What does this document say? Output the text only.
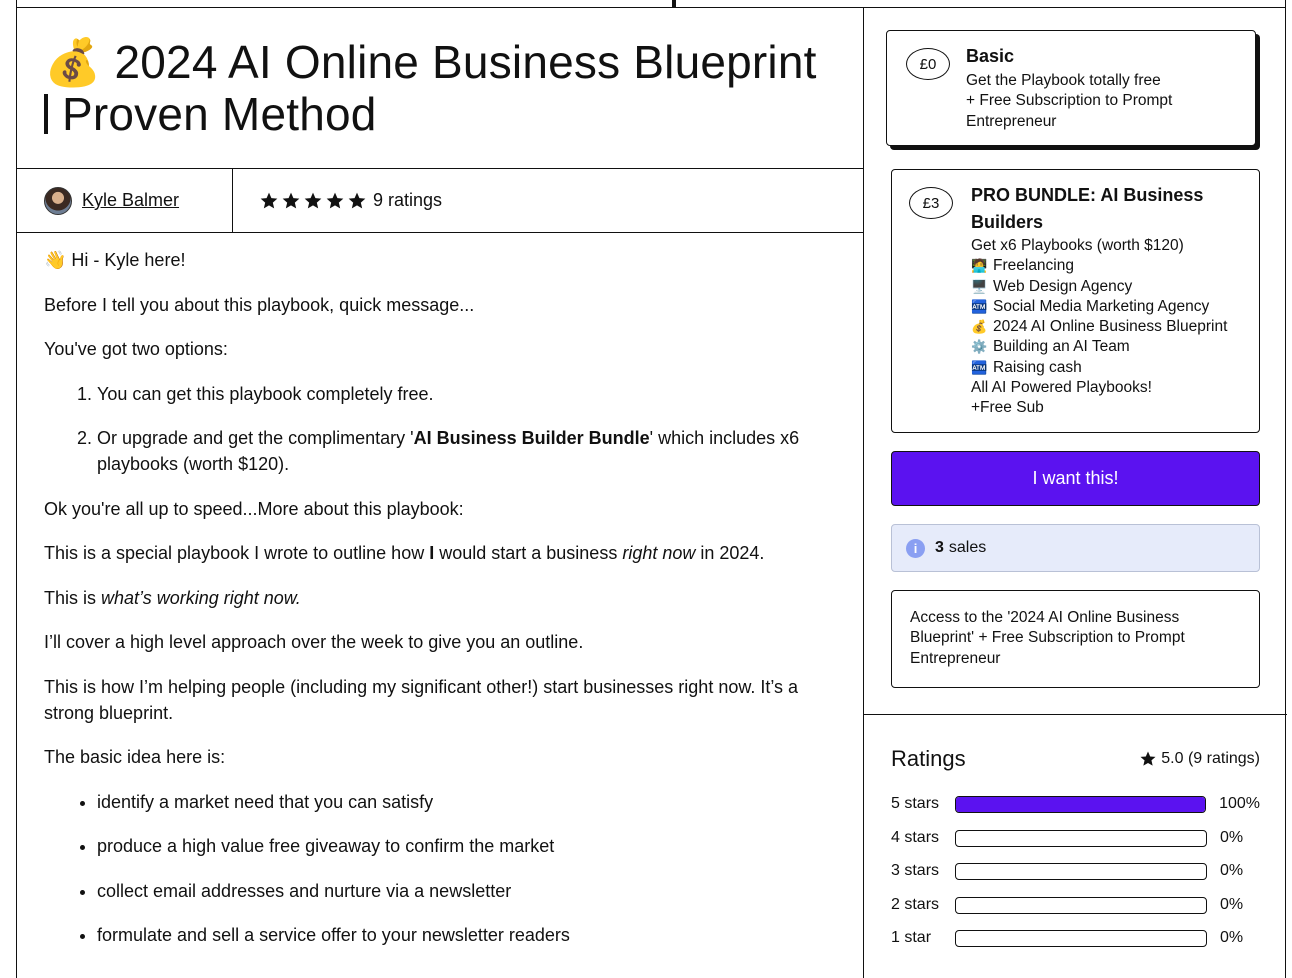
💰 2024 AI Online Business Blueprint
Proven Method
Kyle Balmer	9 ratings

👋 Hi - Kyle here!

Before I tell you about this playbook, quick message...

You've got two options:

1. You can get this playbook completely free.
2. Or upgrade and get the complimentary 'AI Business Builder Bundle' which includes x6 playbooks (worth $120).

Ok you're all up to speed...More about this playbook:

This is a special playbook I wrote to outline how I would start a business right now in 2024.

This is what’s working right now.

I’ll cover a high level approach over the week to give you an outline.

This is how I’m helping people (including my significant other!) start businesses right now. It’s a strong blueprint.

The basic idea here is:

• identify a market need that you can satisfy
• produce a high value free giveaway to confirm the market
• collect email addresses and nurture via a newsletter
• formulate and sell a service offer to your newsletter readers
£0	Basic
Get the Playbook totally free
+ Free Subscription to Prompt Entrepreneur
£3	PRO BUNDLE: AI Business Builders
Get x6 Playbooks (worth $120)
🧑‍💻 Freelancing
🖥️ Web Design Agency
🏧 Social Media Marketing Agency
💰 2024 AI Online Business Blueprint
⚙️ Building an AI Team
🏧 Raising cash
All AI Powered Playbooks!
+Free Sub
I want this!
i	3 sales
Access to the '2024 AI Online Business Blueprint' + Free Subscription to Prompt Entrepreneur
Ratings	5.0
(9 ratings)
5 stars	100%
4 stars	0%
3 stars	0%
2 stars	0%
1 star	0%
